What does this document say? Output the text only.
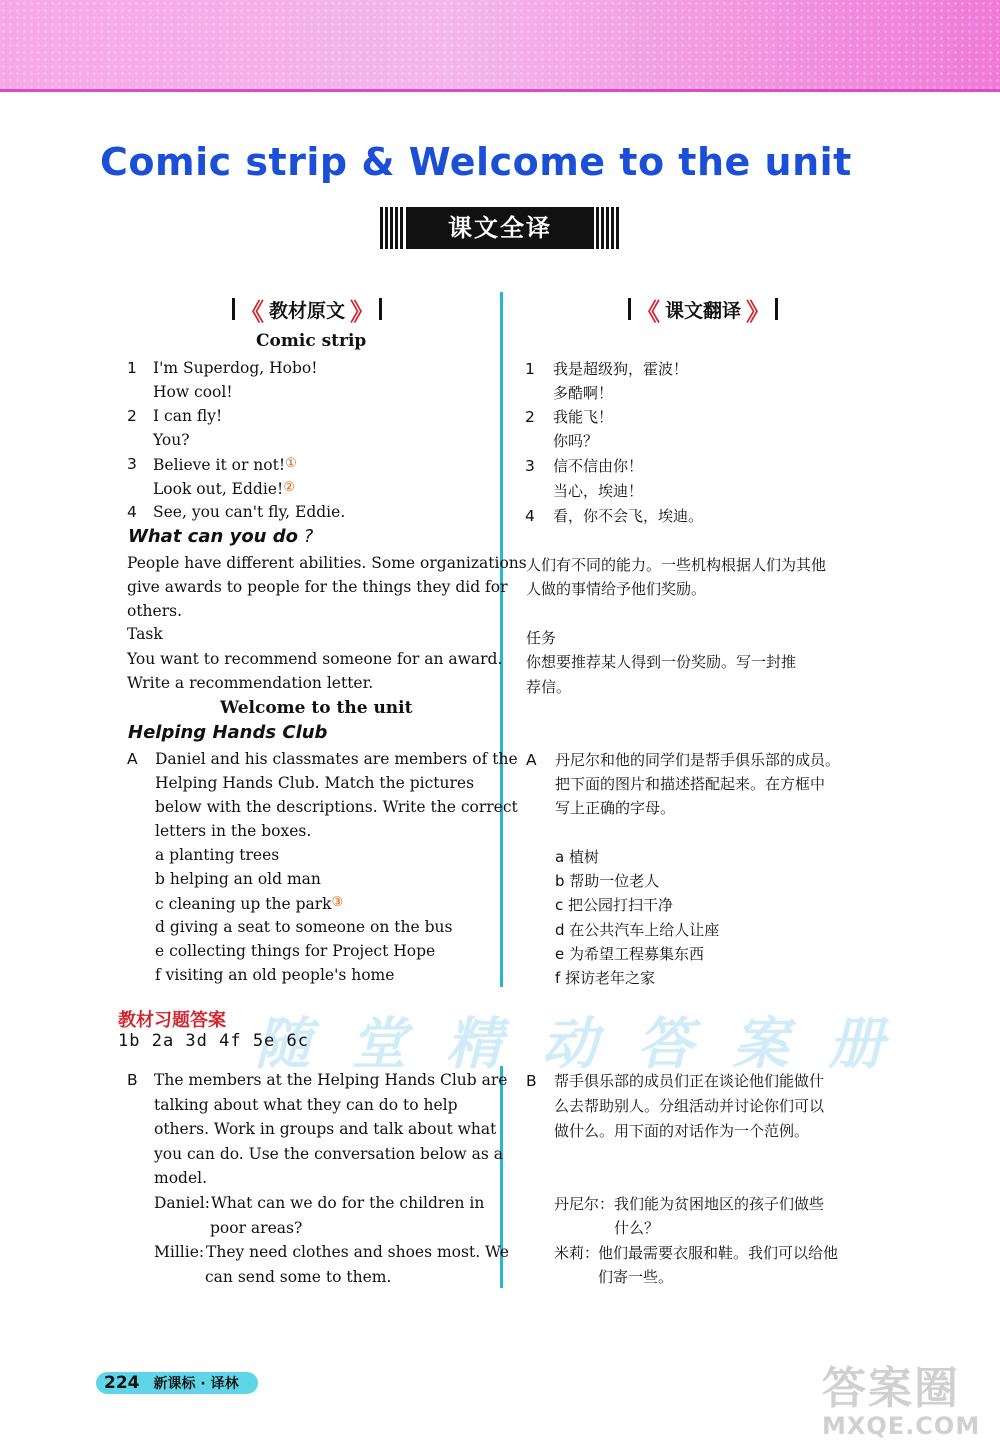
Comic strip & Welcome to the unit
课文全译
《 教材原文 》	《 课文翻译 》
Comic strip
1 I'm Superdog, Hobo!
How cool!
2 I can fly!
You?
3 Believe it or not!①
Look out, Eddie!②
4 See, you can't fly, Eddie.
What can you do ?
People have different abilities. Some organizations
give awards to people for the things they did for
others.
Task
You want to recommend someone for an award.
Write a recommendation letter.
Welcome to the unit
Helping Hands Club
A Daniel and his classmates are members of the
Helping Hands Club. Match the pictures
below with the descriptions. Write the correct
letters in the boxes.
a planting trees
b helping an old man
c cleaning up the park③
d giving a seat to someone on the bus
e collecting things for Project Hope
f visiting an old people's home
1 我是超级狗，霍波！
多酷啊！
2 我能飞！
你吗？
3 信不信由你！
当心，埃迪！
4 看，你不会飞，埃迪。
人们有不同的能力。一些机构根据人们为其他
人做的事情给予他们奖励。
任务
你想要推荐某人得到一份奖励。写一封推
荐信。
A 丹尼尔和他的同学们是帮手俱乐部的成员。
把下面的图片和描述搭配起来。在方框中
写上正确的字母。
a 植树
b 帮助一位老人
c 把公园打扫干净
d 在公共汽车上给人让座
e 为希望工程募集东西
f 探访老年之家
随 堂 精 动 答 案 册
教材习题答案
1b 2a 3d 4f 5e 6c
B The members at the Helping Hands Club are
talking about what they can do to help
others. Work in groups and talk about what
you can do. Use the conversation below as a
model.
Daniel: What can we do for the children in
poor areas?
Millie: They need clothes and shoes most. We
can send some to them.
B 帮手俱乐部的成员们正在谈论他们能做什
么去帮助别人。分组活动并讨论你们可以
做什么。用下面的对话作为一个范例。
丹尼尔： 我们能为贫困地区的孩子们做些
什么？
米莉：
他们最需要衣服和鞋。我们可以给他
们寄一些。
224 新课标 · 译林	答案圈
MXQE.COM
